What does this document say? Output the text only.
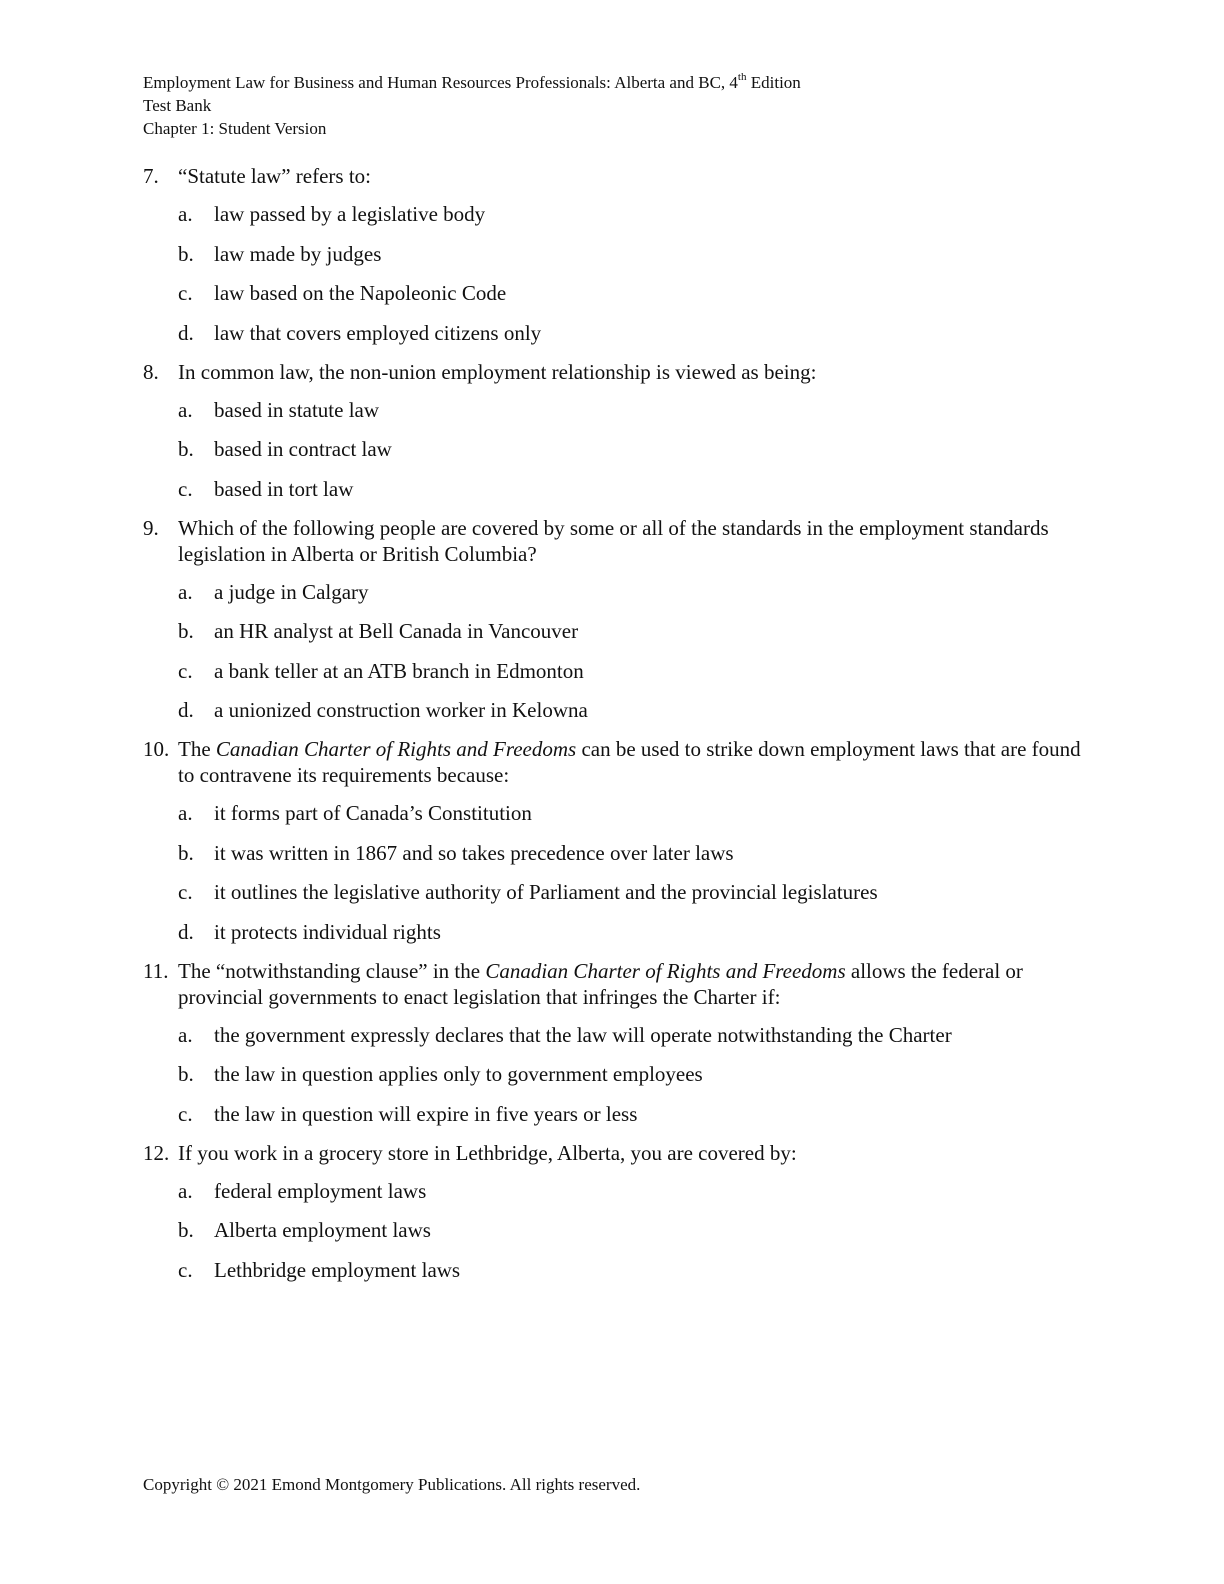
Employment Law for Business and Human Resources Professionals: Alberta and BC, 4th Edition
Test Bank
Chapter 1: Student Version
7. “Statute law” refers to:
a. law passed by a legislative body
b. law made by judges
c. law based on the Napoleonic Code
d. law that covers employed citizens only
8. In common law, the non-union employment relationship is viewed as being:
a. based in statute law
b. based in contract law
c. based in tort law
9. Which of the following people are covered by some or all of the standards in the employment standards legislation in Alberta or British Columbia?
a. a judge in Calgary
b. an HR analyst at Bell Canada in Vancouver
c. a bank teller at an ATB branch in Edmonton
d. a unionized construction worker in Kelowna
10. The Canadian Charter of Rights and Freedoms can be used to strike down employment laws that are found to contravene its requirements because:
a. it forms part of Canada’s Constitution
b. it was written in 1867 and so takes precedence over later laws
c. it outlines the legislative authority of Parliament and the provincial legislatures
d. it protects individual rights
11. The “notwithstanding clause” in the Canadian Charter of Rights and Freedoms allows the federal or provincial governments to enact legislation that infringes the Charter if:
a. the government expressly declares that the law will operate notwithstanding the Charter
b. the law in question applies only to government employees
c. the law in question will expire in five years or less
12. If you work in a grocery store in Lethbridge, Alberta, you are covered by:
a. federal employment laws
b. Alberta employment laws
c. Lethbridge employment laws
Copyright © 2021 Emond Montgomery Publications. All rights reserved.
